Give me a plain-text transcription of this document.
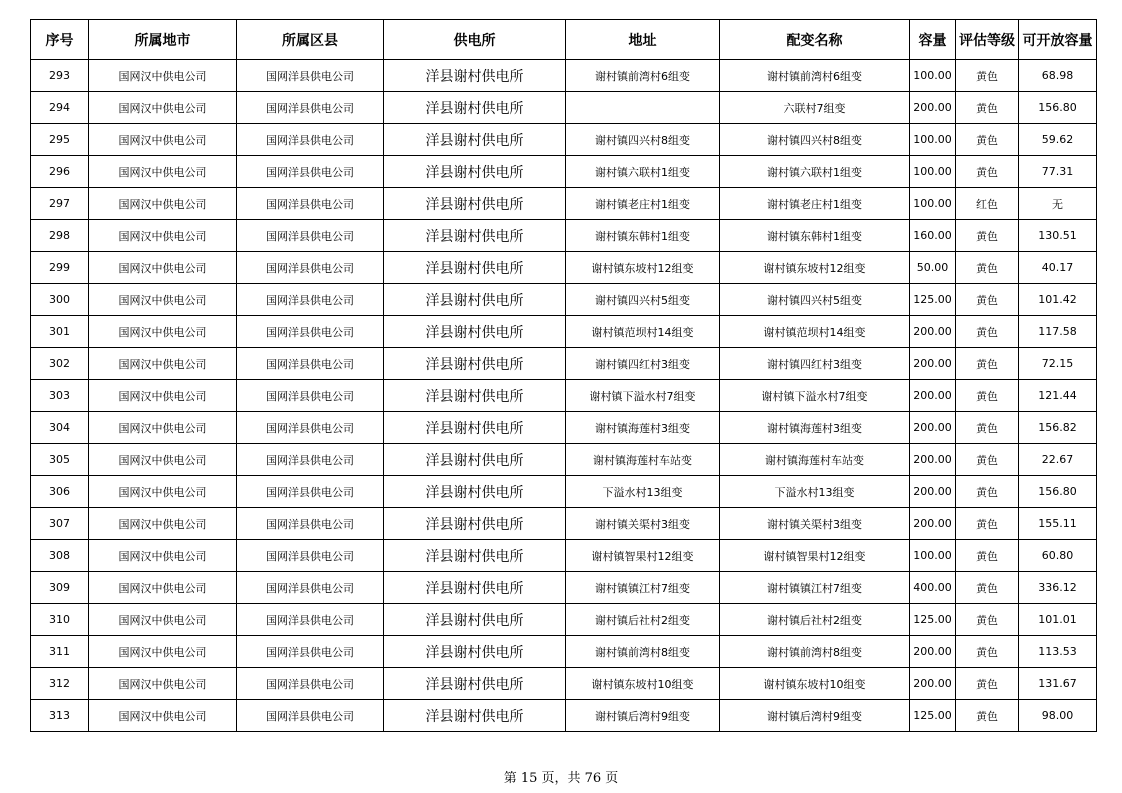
序号	所属地市	所属区县	供电所	地址	配变名称	容量	评估等级	可开放容量
293	国网汉中供电公司	国网洋县供电公司	洋县谢村供电所	谢村镇前湾村6组变	谢村镇前湾村6组变	100.00	黄色	68.98
294	国网汉中供电公司	国网洋县供电公司	洋县谢村供电所		六联村7组变	200.00	黄色	156.80
295	国网汉中供电公司	国网洋县供电公司	洋县谢村供电所	谢村镇四兴村8组变	谢村镇四兴村8组变	100.00	黄色	59.62
296	国网汉中供电公司	国网洋县供电公司	洋县谢村供电所	谢村镇六联村1组变	谢村镇六联村1组变	100.00	黄色	77.31
297	国网汉中供电公司	国网洋县供电公司	洋县谢村供电所	谢村镇老庄村1组变	谢村镇老庄村1组变	100.00	红色	无
298	国网汉中供电公司	国网洋县供电公司	洋县谢村供电所	谢村镇东韩村1组变	谢村镇东韩村1组变	160.00	黄色	130.51
299	国网汉中供电公司	国网洋县供电公司	洋县谢村供电所	谢村镇东坡村12组变	谢村镇东坡村12组变	50.00	黄色	40.17
300	国网汉中供电公司	国网洋县供电公司	洋县谢村供电所	谢村镇四兴村5组变	谢村镇四兴村5组变	125.00	黄色	101.42
301	国网汉中供电公司	国网洋县供电公司	洋县谢村供电所	谢村镇范坝村14组变	谢村镇范坝村14组变	200.00	黄色	117.58
302	国网汉中供电公司	国网洋县供电公司	洋县谢村供电所	谢村镇四红村3组变	谢村镇四红村3组变	200.00	黄色	72.15
303	国网汉中供电公司	国网洋县供电公司	洋县谢村供电所	谢村镇下溢水村7组变	谢村镇下溢水村7组变	200.00	黄色	121.44
304	国网汉中供电公司	国网洋县供电公司	洋县谢村供电所	谢村镇海莲村3组变	谢村镇海莲村3组变	200.00	黄色	156.82
305	国网汉中供电公司	国网洋县供电公司	洋县谢村供电所	谢村镇海莲村车站变	谢村镇海莲村车站变	200.00	黄色	22.67
306	国网汉中供电公司	国网洋县供电公司	洋县谢村供电所	下溢水村13组变	下溢水村13组变	200.00	黄色	156.80
307	国网汉中供电公司	国网洋县供电公司	洋县谢村供电所	谢村镇关渠村3组变	谢村镇关渠村3组变	200.00	黄色	155.11
308	国网汉中供电公司	国网洋县供电公司	洋县谢村供电所	谢村镇智果村12组变	谢村镇智果村12组变	100.00	黄色	60.80
309	国网汉中供电公司	国网洋县供电公司	洋县谢村供电所	谢村镇镇江村7组变	谢村镇镇江村7组变	400.00	黄色	336.12
310	国网汉中供电公司	国网洋县供电公司	洋县谢村供电所	谢村镇后社村2组变	谢村镇后社村2组变	125.00	黄色	101.01
311	国网汉中供电公司	国网洋县供电公司	洋县谢村供电所	谢村镇前湾村8组变	谢村镇前湾村8组变	200.00	黄色	113.53
312	国网汉中供电公司	国网洋县供电公司	洋县谢村供电所	谢村镇东坡村10组变	谢村镇东坡村10组变	200.00	黄色	131.67
313	国网汉中供电公司	国网洋县供电公司	洋县谢村供电所	谢村镇后湾村9组变	谢村镇后湾村9组变	125.00	黄色	98.00
第 15 页，共 76 页
